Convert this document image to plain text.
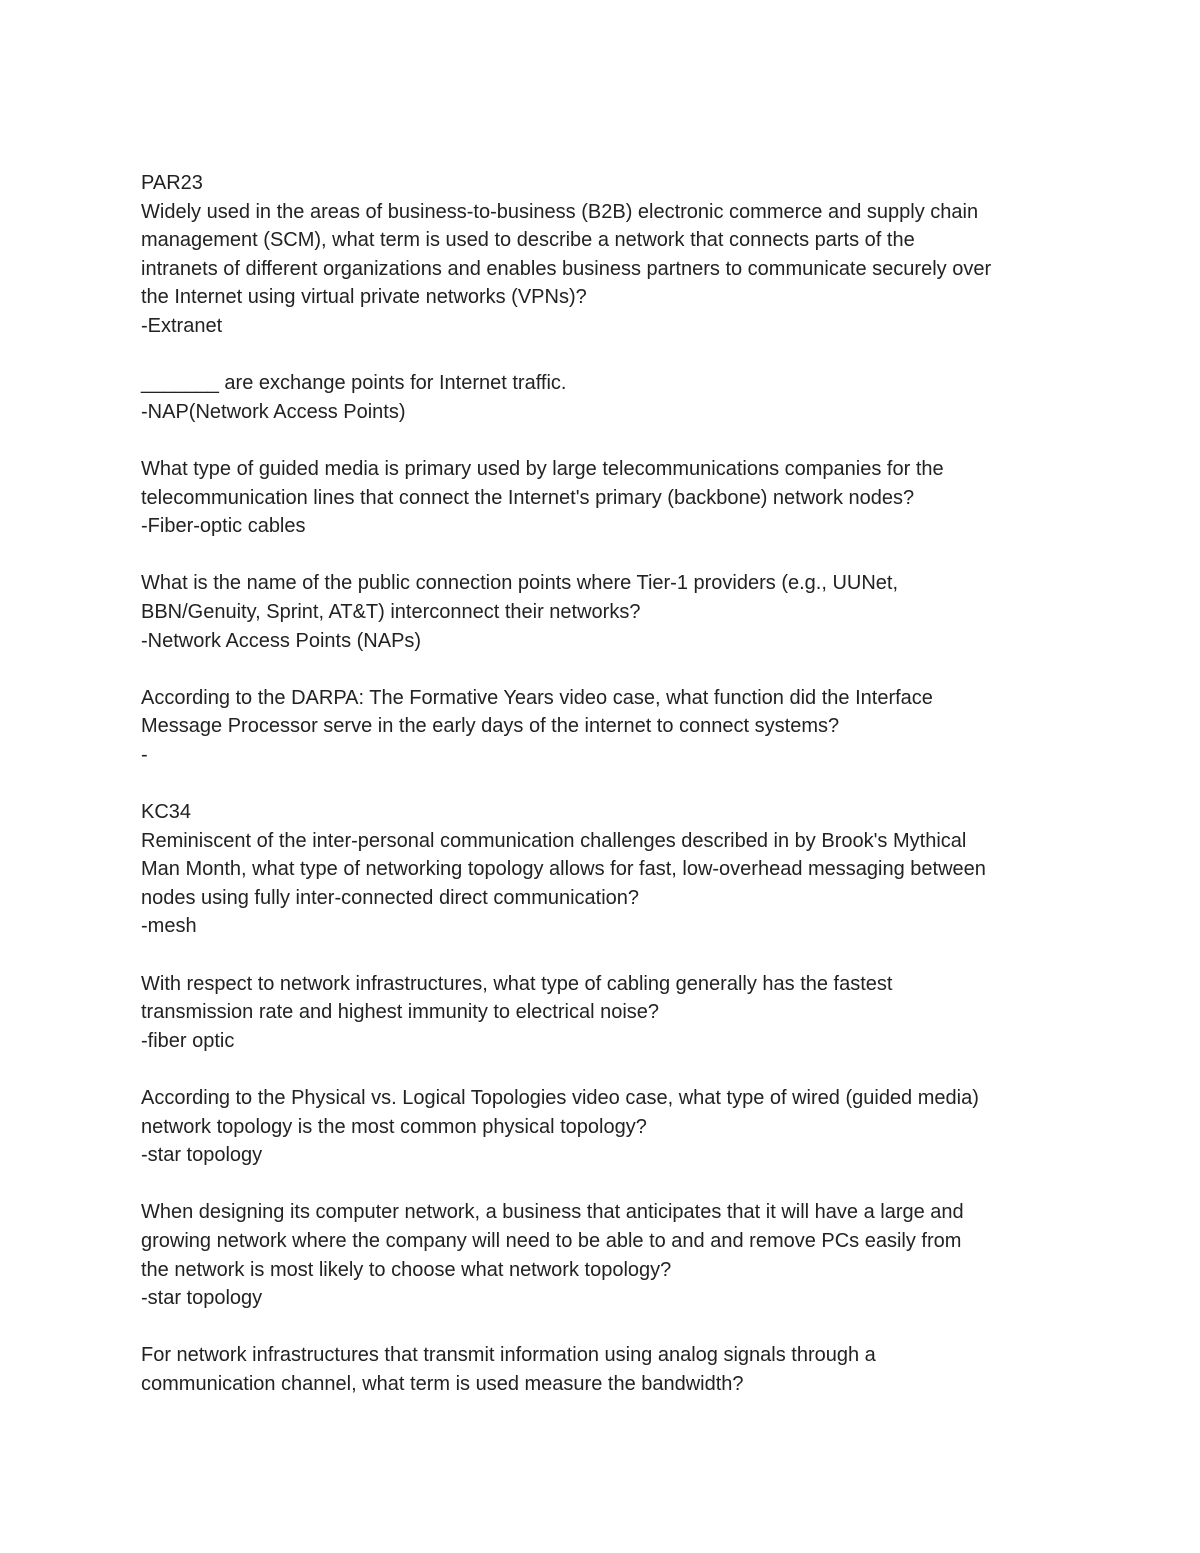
PAR23
Widely used in the areas of business-to-business (B2B) electronic commerce and supply chain
management (SCM), what term is used to describe a network that connects parts of the
intranets of different organizations and enables business partners to communicate securely over
the Internet using virtual private networks (VPNs)?
-Extranet
_______ are exchange points for Internet traffic.
-NAP(Network Access Points)
What type of guided media is primary used by large telecommunications companies for the
telecommunication lines that connect the Internet's primary (backbone) network nodes?
-Fiber-optic cables
What is the name of the public connection points where Tier-1 providers (e.g., UUNet,
BBN/Genuity, Sprint, AT&T) interconnect their networks?
-Network Access Points (NAPs)
According to the DARPA: The Formative Years video case, what function did the Interface
Message Processor serve in the early days of the internet to connect systems?
-
KC34
Reminiscent of the inter-personal communication challenges described in by Brook's Mythical
Man Month, what type of networking topology allows for fast, low-overhead messaging between
nodes using fully inter-connected direct communication?
-mesh
With respect to network infrastructures, what type of cabling generally has the fastest
transmission rate and highest immunity to electrical noise?
-fiber optic
According to the Physical vs. Logical Topologies video case, what type of wired (guided media)
network topology is the most common physical topology?
-star topology
When designing its computer network, a business that anticipates that it will have a large and
growing network where the company will need to be able to and and remove PCs easily from
the network is most likely to choose what network topology?
-star topology
For network infrastructures that transmit information using analog signals through a
communication channel, what term is used measure the bandwidth?
